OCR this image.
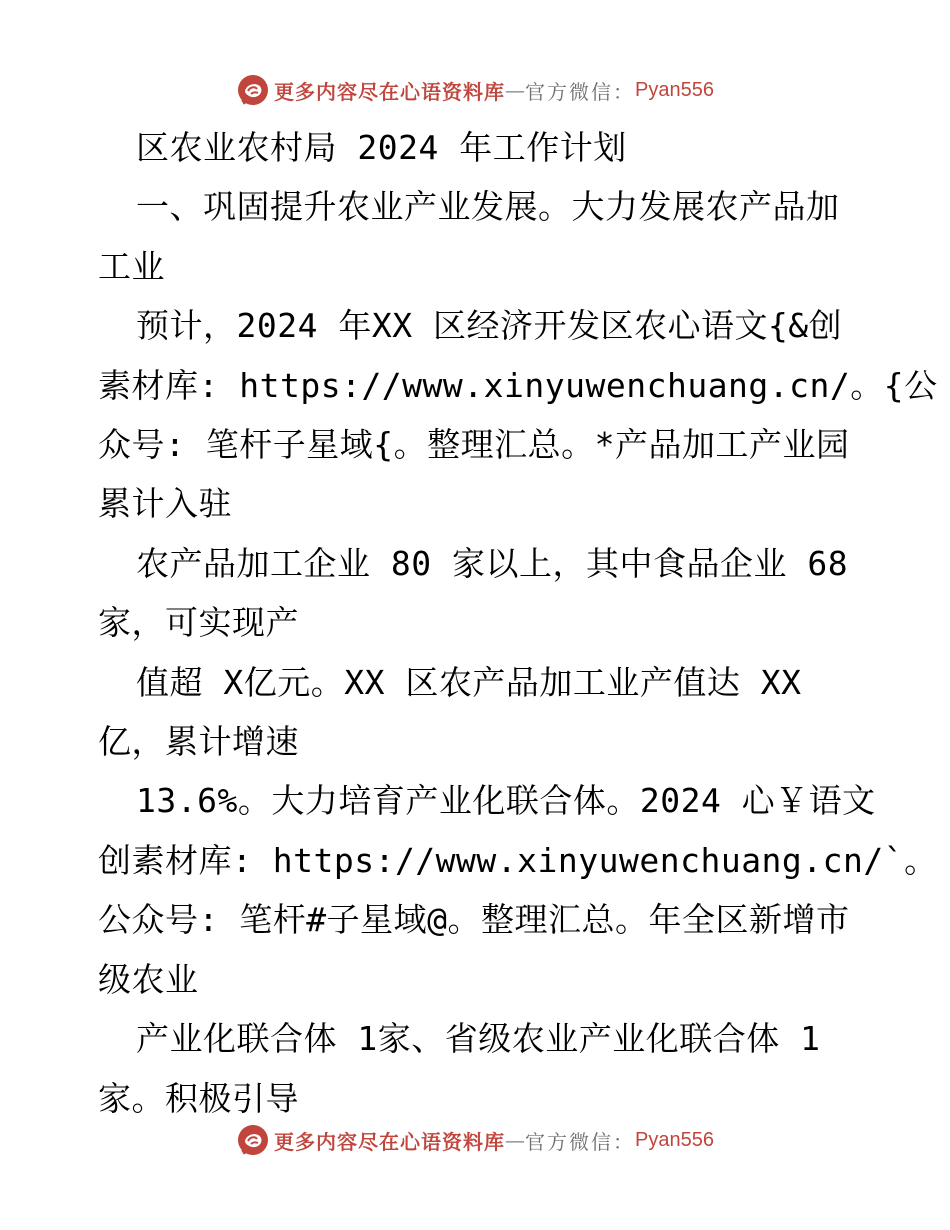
更多内容尽在心语资料库 — 官方微信： Pyan556
区农业农村局 2024 年工作计划
一、巩固提升农业产业发展。大力发展农产品加
工业
预计，2024 年XX 区经济开发区农心语文{&创
素材库: https://www.xinyuwenchuang.cn/。{公
众号: 笔杆子星域{。整理汇总。*产品加工产业园
累计入驻
农产品加工企业 80 家以上，其中食品企业 68
家，可实现产
值超 X亿元。XX 区农产品加工业产值达 XX
亿，累计增速
13.6%。大力培育产业化联合体。2024 心￥语文
创素材库: https://www.xinyuwenchuang.cn/`。
公众号: 笔杆#子星域@。整理汇总。年全区新增市
级农业
产业化联合体 1家、省级农业产业化联合体 1
家。积极引导
更多内容尽在心语资料库 — 官方微信： Pyan556
